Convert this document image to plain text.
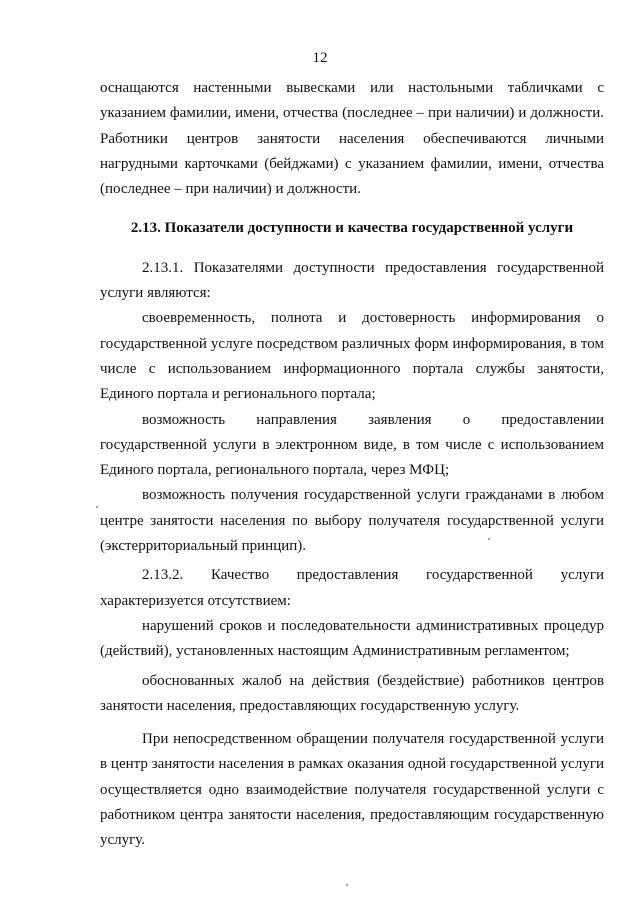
12

оснащаются настенными вывесками или настольными табличками с указанием фамилии, имени, отчества (последнее – при наличии) и должности. Работники центров занятости населения обеспечиваются личными нагрудными карточками (бейджами) с указанием фамилии, имени, отчества (последнее – при наличии) и должности.

2.13. Показатели доступности и качества государственной услуги

2.13.1. Показателями доступности предоставления государственной услуги являются:

своевременность, полнота и достоверность информирования о государственной услуге посредством различных форм информирования, в том числе с использованием информационного портала службы занятости, Единого портала и регионального портала;

возможность направления заявления о предоставлении государственной услуги в электронном виде, в том числе с использованием Единого портала, регионального портала, через МФЦ;

возможность получения государственной услуги гражданами в любом центре занятости населения по выбору получателя государственной услуги (экстерриториальный принцип).

2.13.2. Качество предоставления государственной услуги характеризуется отсутствием:

нарушений сроков и последовательности административных процедур (действий), установленных настоящим Административным регламентом;

обоснованных жалоб на действия (бездействие) работников центров занятости населения, предоставляющих государственную услугу.

При непосредственном обращении получателя государственной услуги в центр занятости населения в рамках оказания одной государственной услуги осуществляется одно взаимодействие получателя государственной услуги с работником центра занятости населения, предоставляющим государственную услугу.
